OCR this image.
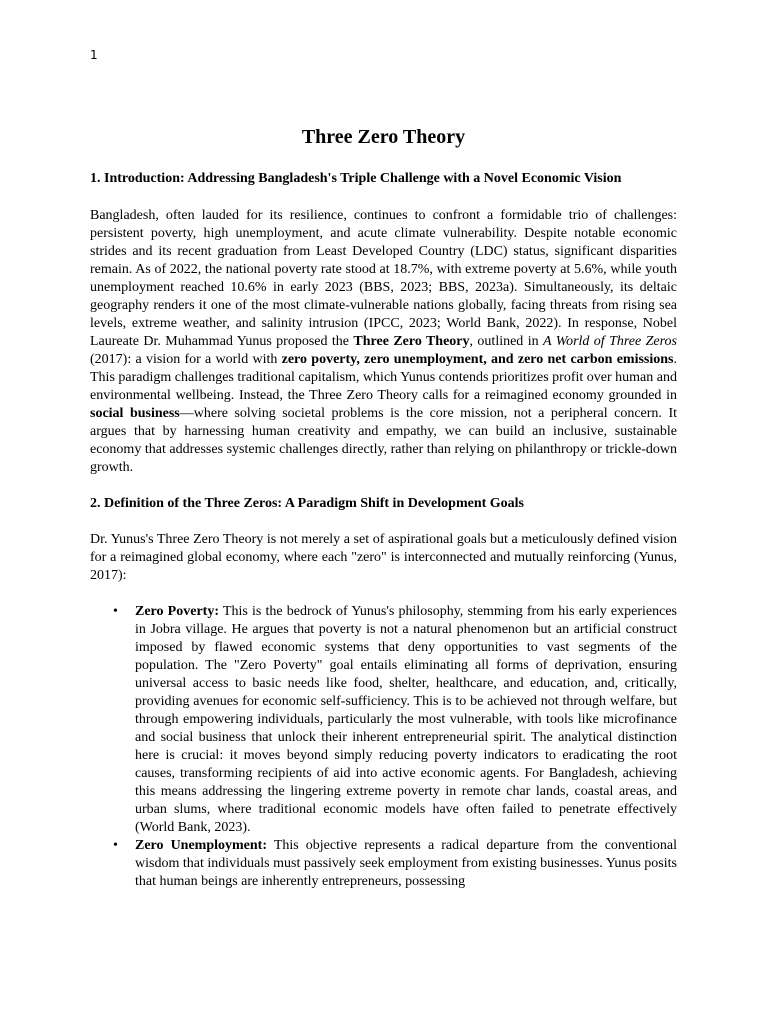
1
Three Zero Theory
1. Introduction: Addressing Bangladesh's Triple Challenge with a Novel Economic Vision

Bangladesh, often lauded for its resilience, continues to confront a formidable trio of challenges: persistent poverty, high unemployment, and acute climate vulnerability. Despite notable economic strides and its recent graduation from Least Developed Country (LDC) status, significant disparities remain. As of 2022, the national poverty rate stood at 18.7%, with extreme poverty at 5.6%, while youth unemployment reached 10.6% in early 2023 (BBS, 2023; BBS, 2023a). Simultaneously, its deltaic geography renders it one of the most climate-vulnerable nations globally, facing threats from rising sea levels, extreme weather, and salinity intrusion (IPCC, 2023; World Bank, 2022). In response, Nobel Laureate Dr. Muhammad Yunus proposed the Three Zero Theory, outlined in A World of Three Zeros (2017): a vision for a world with zero poverty, zero unemployment, and zero net carbon emissions. This paradigm challenges traditional capitalism, which Yunus contends prioritizes profit over human and environmental wellbeing. Instead, the Three Zero Theory calls for a reimagined economy grounded in social business—where solving societal problems is the core mission, not a peripheral concern. It argues that by harnessing human creativity and empathy, we can build an inclusive, sustainable economy that addresses systemic challenges directly, rather than relying on philanthropy or trickle-down growth.

2. Definition of the Three Zeros: A Paradigm Shift in Development Goals

Dr. Yunus's Three Zero Theory is not merely a set of aspirational goals but a meticulously defined vision for a reimagined global economy, where each "zero" is interconnected and mutually reinforcing (Yunus, 2017):

• Zero Poverty: This is the bedrock of Yunus's philosophy, stemming from his early experiences in Jobra village. He argues that poverty is not a natural phenomenon but an artificial construct imposed by flawed economic systems that deny opportunities to vast segments of the population. The "Zero Poverty" goal entails eliminating all forms of deprivation, ensuring universal access to basic needs like food, shelter, healthcare, and education, and, critically, providing avenues for economic self-sufficiency. This is to be achieved not through welfare, but through empowering individuals, particularly the most vulnerable, with tools like microfinance and social business that unlock their inherent entrepreneurial spirit. The analytical distinction here is crucial: it moves beyond simply reducing poverty indicators to eradicating the root causes, transforming recipients of aid into active economic agents. For Bangladesh, achieving this means addressing the lingering extreme poverty in remote char lands, coastal areas, and urban slums, where traditional economic models have often failed to penetrate effectively (World Bank, 2023).
• Zero Unemployment: This objective represents a radical departure from the conventional wisdom that individuals must passively seek employment from existing businesses. Yunus posits that human beings are inherently entrepreneurs, possessing
